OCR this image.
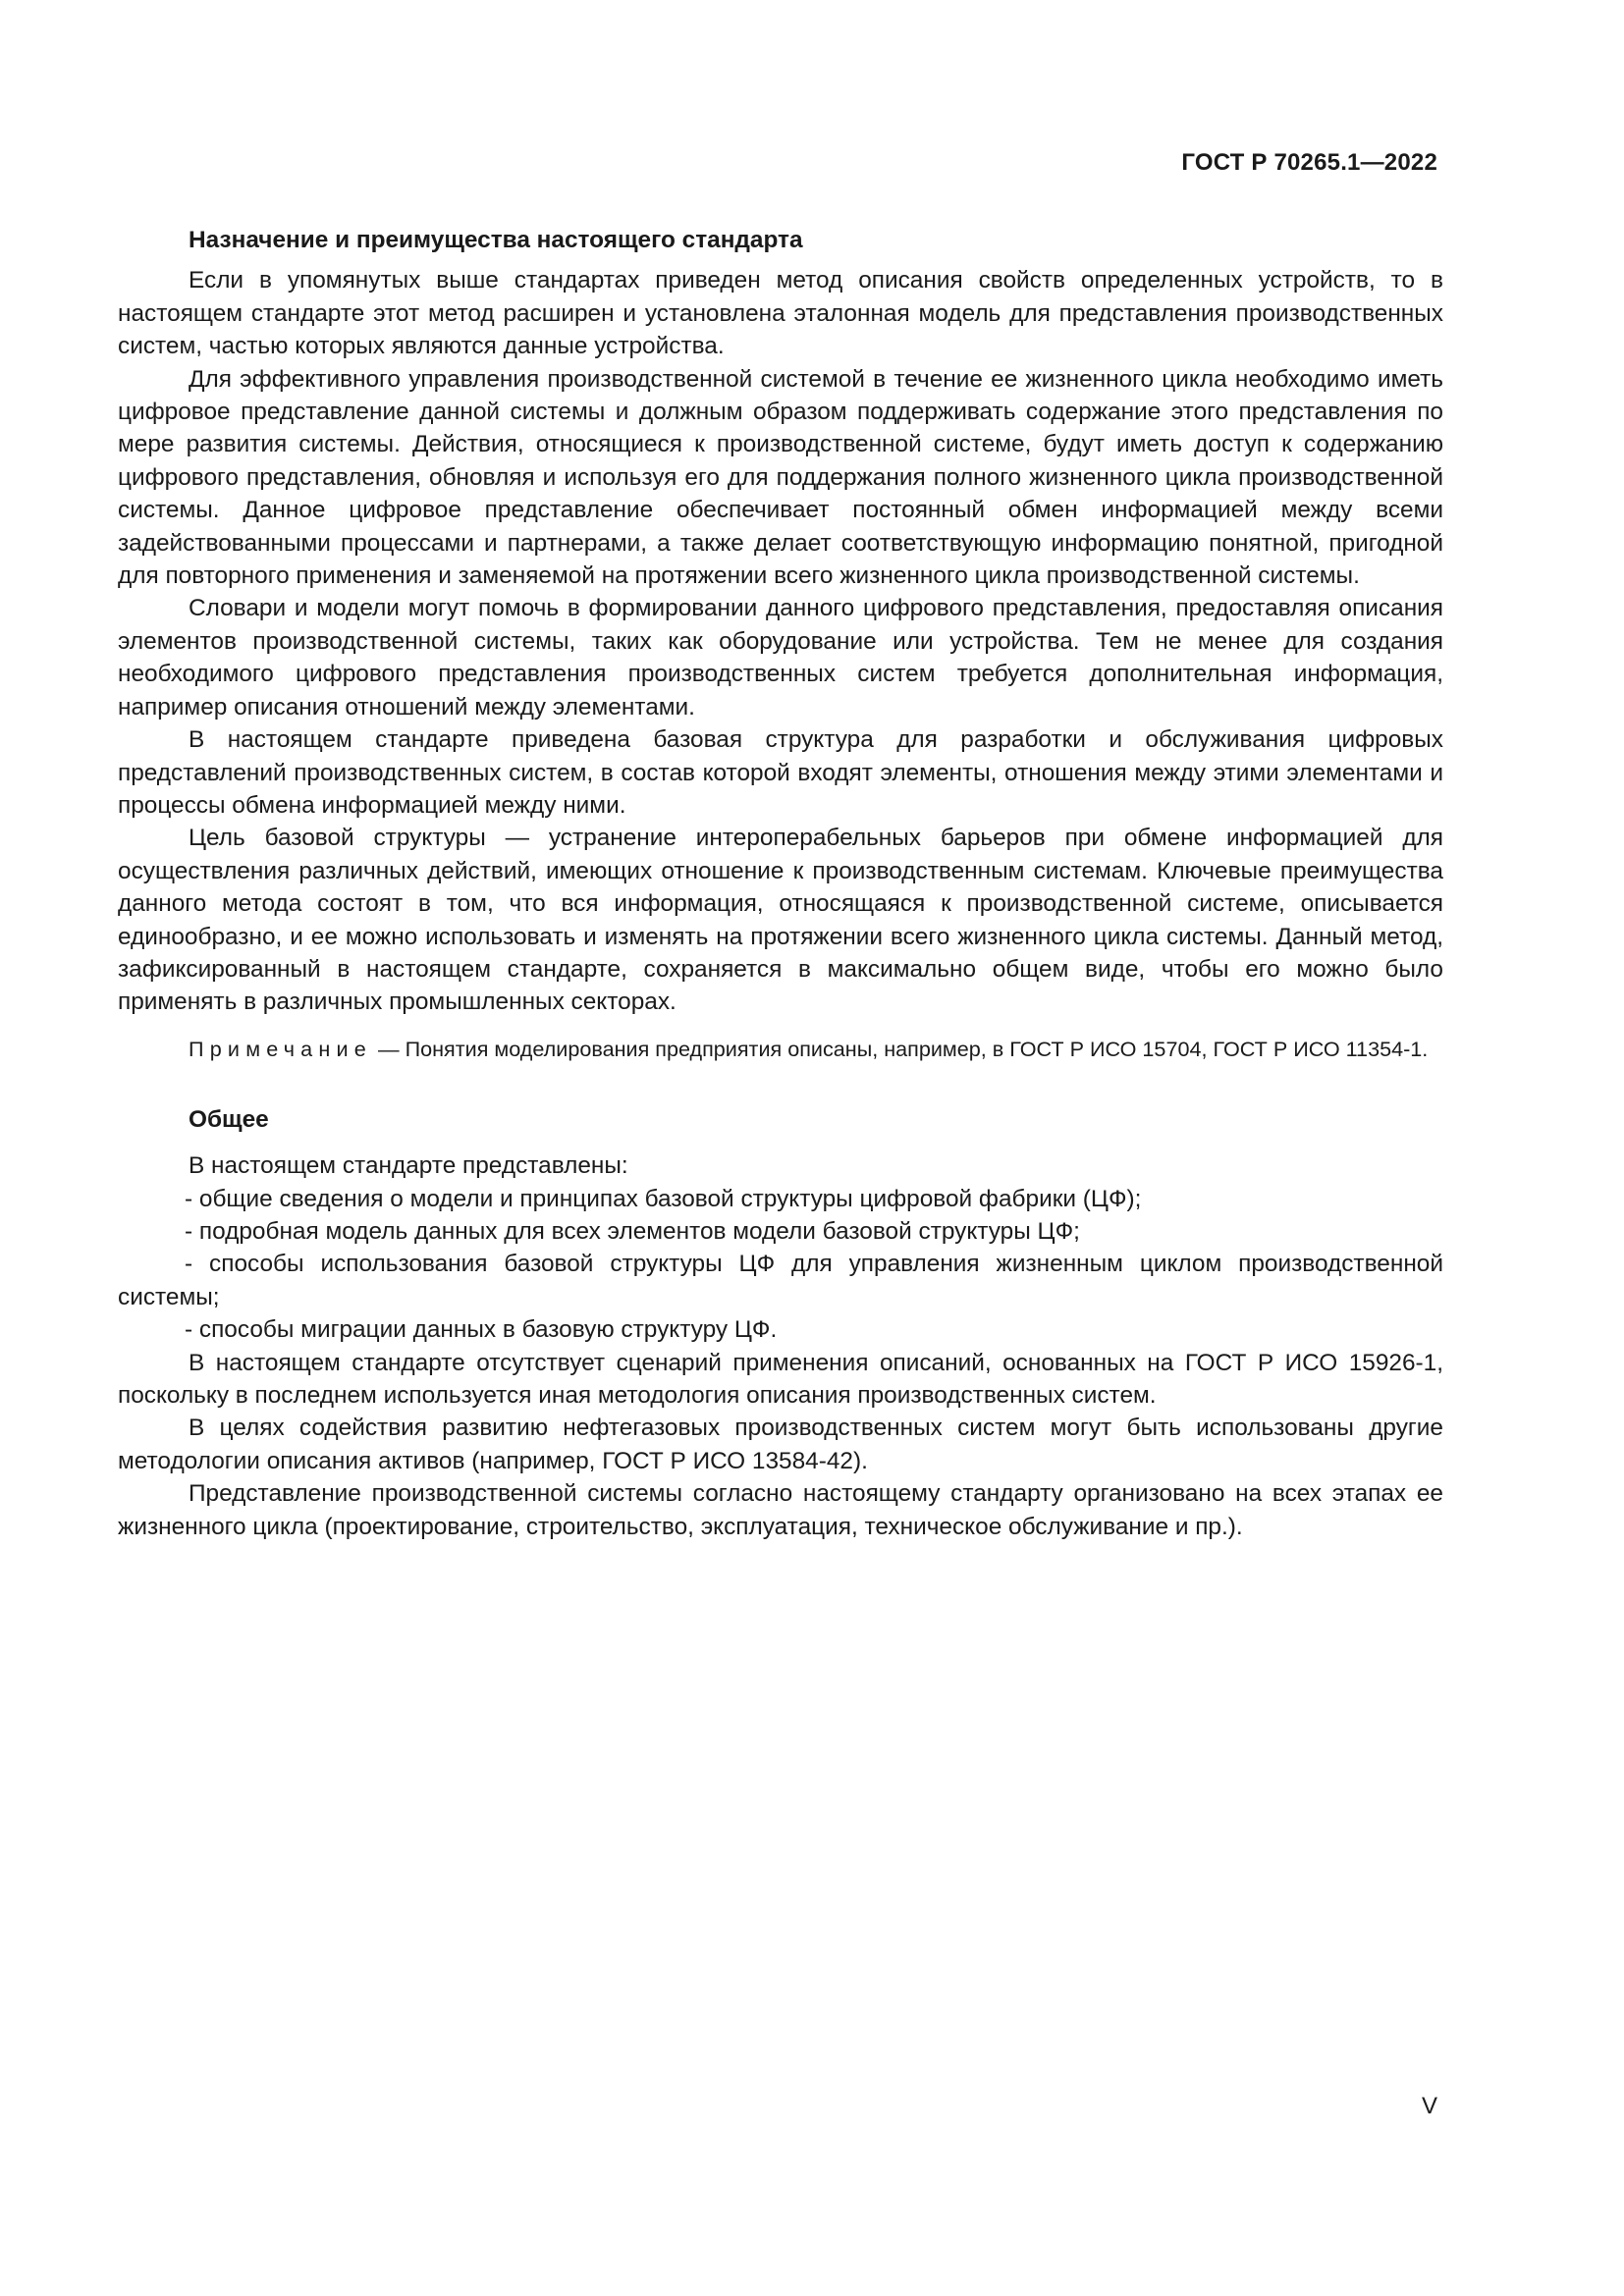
ГОСТ Р 70265.1—2022
Назначение и преимущества настоящего стандарта

Если в упомянутых выше стандартах приведен метод описания свойств определенных устройств, то в настоящем стандарте этот метод расширен и установлена эталонная модель для представления производственных систем, частью которых являются данные устройства.

Для эффективного управления производственной системой в течение ее жизненного цикла необходимо иметь цифровое представление данной системы и должным образом поддерживать содержание этого представления по мере развития системы. Действия, относящиеся к производственной системе, будут иметь доступ к содержанию цифрового представления, обновляя и используя его для поддержания полного жизненного цикла производственной системы. Данное цифровое представление обеспечивает постоянный обмен информацией между всеми задействованными процессами и партнерами, а также делает соответствующую информацию понятной, пригодной для повторного применения и заменяемой на протяжении всего жизненного цикла производственной системы.

Словари и модели могут помочь в формировании данного цифрового представления, предоставляя описания элементов производственной системы, таких как оборудование или устройства. Тем не менее для создания необходимого цифрового представления производственных систем требуется дополнительная информация, например описания отношений между элементами.

В настоящем стандарте приведена базовая структура для разработки и обслуживания цифровых представлений производственных систем, в состав которой входят элементы, отношения между этими элементами и процессы обмена информацией между ними.

Цель базовой структуры — устранение интероперабельных барьеров при обмене информацией для осуществления различных действий, имеющих отношение к производственным системам. Ключевые преимущества данного метода состоят в том, что вся информация, относящаяся к производственной системе, описывается единообразно, и ее можно использовать и изменять на протяжении всего жизненного цикла системы. Данный метод, зафиксированный в настоящем стандарте, сохраняется в максимально общем виде, чтобы его можно было применять в различных промышленных секторах.

Примечание — Понятия моделирования предприятия описаны, например, в ГОСТ Р ИСО 15704, ГОСТ Р ИСО 11354-1.

Общее

В настоящем стандарте представлены:

- общие сведения о модели и принципах базовой структуры цифровой фабрики (ЦФ);
- подробная модель данных для всех элементов модели базовой структуры ЦФ;
- способы использования базовой структуры ЦФ для управления жизненным циклом производственной системы;
- способы миграции данных в базовую структуру ЦФ.

В настоящем стандарте отсутствует сценарий применения описаний, основанных на ГОСТ Р ИСО 15926-1, поскольку в последнем используется иная методология описания производственных систем.

В целях содействия развитию нефтегазовых производственных систем могут быть использованы другие методологии описания активов (например, ГОСТ Р ИСО 13584-42).

Представление производственной системы согласно настоящему стандарту организовано на всех этапах ее жизненного цикла (проектирование, строительство, эксплуатация, техническое обслуживание и пр.).

V
